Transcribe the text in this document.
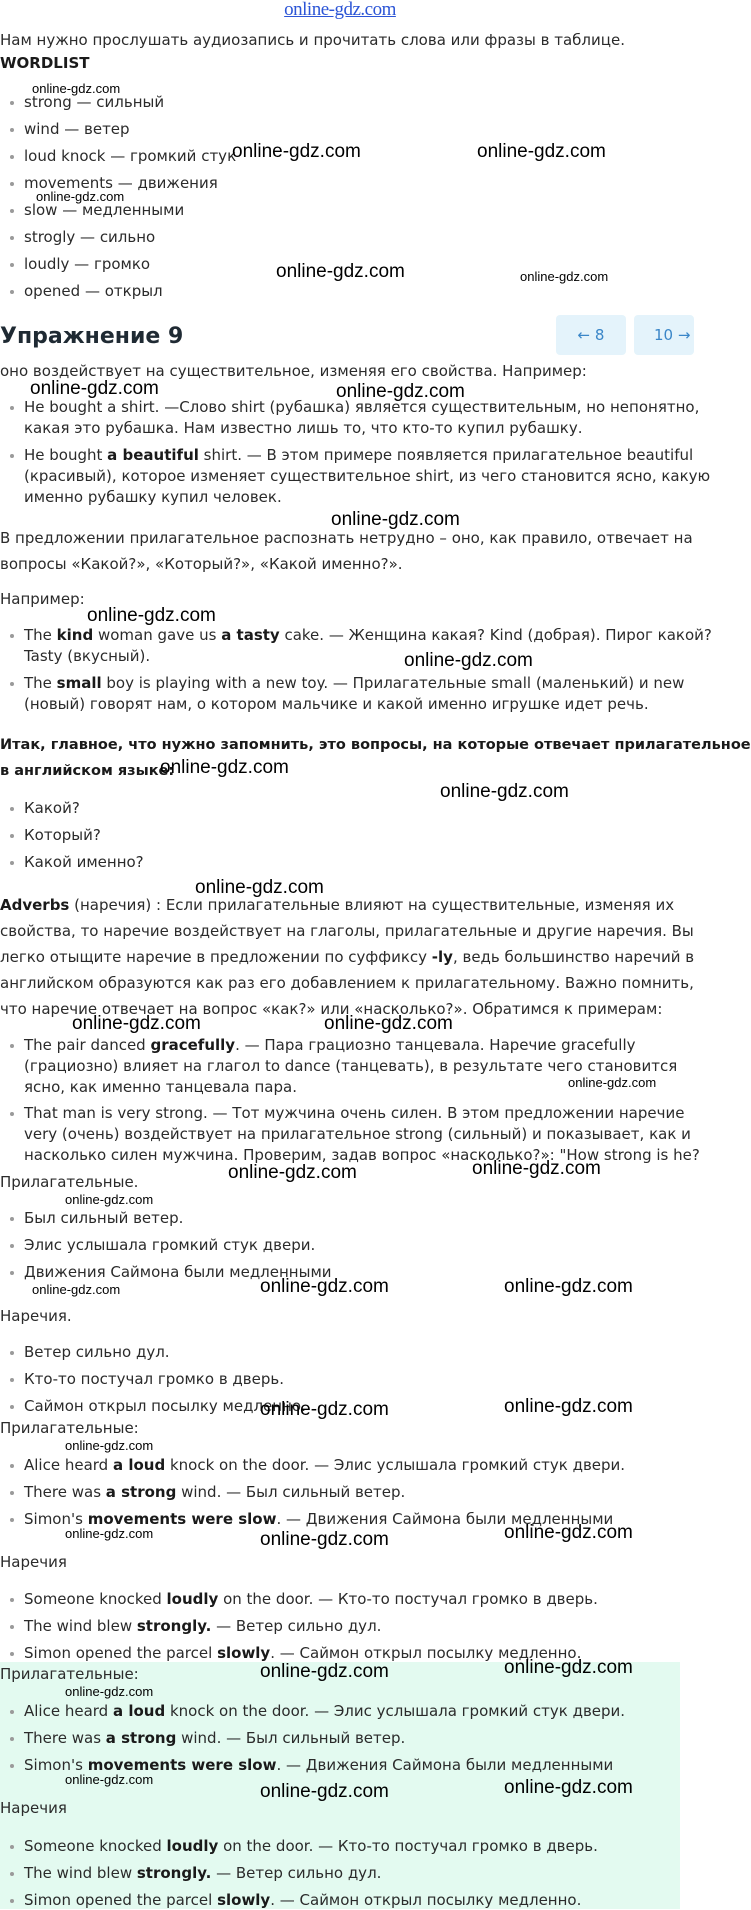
online-gdz.com
Нам нужно прослушать аудиозапись и прочитать слова или фразы в таблице.
WORDLIST
strong — сильный
wind — ветер
loud knock — громкий стук
movements — движения
slow — медленными
strogly — сильно
loudly — громко
opened — открыл
Упражнение 9	← 8	10 →
оно воздействует на существительное, изменяя его свойства. Например:
He bought a shirt. —Слово shirt (рубашка) является существительным, но непонятно,
какая это рубашка. Нам известно лишь то, что кто-то купил рубашку.
He bought a beautiful shirt. — В этом примере появляется прилагательное beautiful
(красивый), которое изменяет существительное shirt, из чего становится ясно, какую
именно рубашку купил человек.
В предложении прилагательное распознать нетрудно – оно, как правило, отвечает на
вопросы «Какой?», «Который?», «Какой именно?».
Например:
The kind woman gave us a tasty cake. — Женщина какая? Kind (добрая). Пирог какой?
Tasty (вкусный).
The small boy is playing with a new toy. — Прилагательные small (маленький) и new
(новый) говорят нам, о котором мальчике и какой именно игрушке идет речь.
Итак, главное, что нужно запомнить, это вопросы, на которые отвечает прилагательное
в английском языке:
Какой?
Который?
Какой именно?
Adverbs (наречия) : Если прилагательные влияют на существительные, изменяя их
свойства, то наречие воздействует на глаголы, прилагательные и другие наречия. Вы
легко отыщите наречие в предложении по суффиксу -ly, ведь большинство наречий в
английском образуются как раз его добавлением к прилагательному. Важно помнить,
что наречие отвечает на вопрос «как?» или «насколько?». Обратимся к примерам:
The pair danced gracefully. — Пара грациозно танцевала. Наречие gracefully
(грациозно) влияет на глагол to dance (танцевать), в результате чего становится
ясно, как именно танцевала пара.
That man is very strong. — Тот мужчина очень силен. В этом предложении наречие
very (очень) воздействует на прилагательное strong (сильный) и показывает, как и
насколько силен мужчина. Проверим, задав вопрос «насколько?»: "How strong is he?
Прилагательные.
Был сильный ветер.
Элис услышала громкий стук двери.
Движения Саймона были медленными
Наречия.
Ветер сильно дул.
Кто-то постучал громко в дверь.
Саймон открыл посылку медленно.
Прилагательные:
Alice heard a loud knock on the door. — Элис услышала громкий стук двери.
There was a strong wind. — Был сильный ветер.
Simon's movements were slow. — Движения Саймона были медленными
Наречия
Someone knocked loudly on the door. — Кто-то постучал громко в дверь.
The wind blew strongly. — Ветер сильно дул.
Simon opened the parcel slowly. — Саймон открыл посылку медленно.
Прилагательные:
Alice heard a loud knock on the door. — Элис услышала громкий стук двери.
There was a strong wind. — Был сильный ветер.
Simon's movements were slow. — Движения Саймона были медленными
Наречия
Someone knocked loudly on the door. — Кто-то постучал громко в дверь.
The wind blew strongly. — Ветер сильно дул.
Simon opened the parcel slowly. — Саймон открыл посылку медленно.
online-gdz.com	online-gdz.com
online-gdz.com
online-gdz.com	online-gdz.com
online-gdz.com
online-gdz.com
online-gdz.com
online-gdz.com
online-gdz.com
online-gdz.com
online-gdz.com	online-gdz.com
online-gdz.com	online-gdz.com
online-gdz.com	online-gdz.com
online-gdz.com	online-gdz.com
online-gdz.com	online-gdz.com
online-gdz.com	online-gdz.com
online-gdz.com	online-gdz.com
online-gdz.com
online-gdz.com
online-gdz.com
online-gdz.com
online-gdz.com
online-gdz.com
online-gdz.com
online-gdz.com
online-gdz.com
online-gdz.com
